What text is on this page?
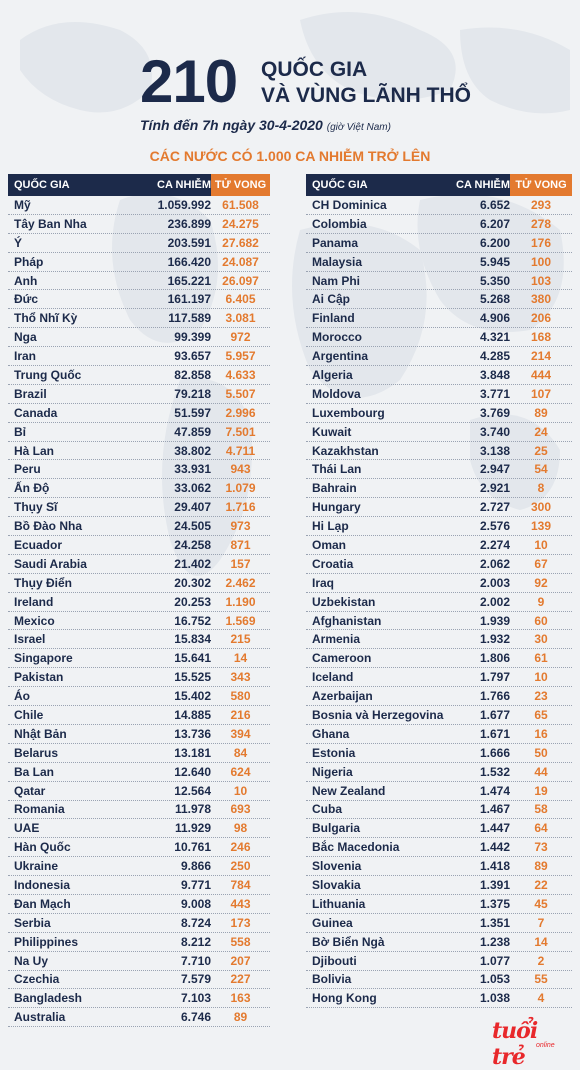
210 QUỐC GIA
VÀ VÙNG LÃNH THỔ
Tính đến 7h ngày 30-4-2020 (giờ Việt Nam)
CÁC NƯỚC CÓ 1.000 CA NHIỄM TRỞ LÊN
QUỐC GIA	CA NHIỄM TỬ VONG
Mỹ	1.059.992 61.508
Tây Ban Nha	236.899 24.275
Ý	203.591 27.682
Pháp	166.420 24.087
Anh	165.221 26.097
Đức	161.197	6.405
Thổ Nhĩ Kỳ	117.589	3.081
Nga	99.399	972
Iran	93.657	5.957
Trung Quốc	82.858	4.633
Brazil	79.218	5.507
Canada	51.597	2.996
Bỉ	47.859	7.501
Hà Lan	38.802	4.711
Peru	33.931	943
Ấn Độ	33.062	1.079
Thụy Sĩ	29.407	1.716
Bồ Đào Nha	24.505	973
Ecuador	24.258	871
Saudi Arabia	21.402	157
Thụy Điển	20.302	2.462
Ireland	20.253	1.190
Mexico	16.752	1.569
Israel	15.834	215
Singapore	15.641	14
Pakistan	15.525	343
Áo	15.402	580
Chile	14.885	216
Nhật Bản	13.736	394
Belarus	13.181	84
Ba Lan	12.640	624
Qatar	12.564	10
Romania	11.978	693
UAE	11.929	98
Hàn Quốc	10.761	246
Ukraine	9.866	250
Indonesia	9.771	784
Đan Mạch	9.008	443
Serbia	8.724	173
Philippines	8.212	558
Na Uy	7.710	207
Czechia	7.579	227
Bangladesh	7.103	163
Australia	6.746	89
QUỐC GIA	CA NHIỄM TỬ VONG
CH Dominica	6.652	293
Colombia	6.207	278
Panama	6.200	176
Malaysia	5.945	100
Nam Phi	5.350	103
Ai Cập	5.268	380
Finland	4.906	206
Morocco	4.321	168
Argentina	4.285	214
Algeria	3.848	444
Moldova	3.771	107
Luxembourg	3.769	89
Kuwait	3.740	24
Kazakhstan	3.138	25
Thái Lan	2.947	54
Bahrain	2.921	8
Hungary	2.727	300
Hi Lạp	2.576	139
Oman	2.274	10
Croatia	2.062	67
Iraq	2.003	92
Uzbekistan	2.002	9
Afghanistan	1.939	60
Armenia	1.932	30
Cameroon	1.806	61
Iceland	1.797	10
Azerbaijan	1.766	23
Bosnia và Herzegovina	1.677	65
Ghana	1.671	16
Estonia	1.666	50
Nigeria	1.532	44
New Zealand	1.474	19
Cuba	1.467	58
Bulgaria	1.447	64
Bắc Macedonia	1.442	73
Slovenia	1.418	89
Slovakia	1.391	22
Lithuania	1.375	45
Guinea	1.351	7
Bờ Biển Ngà	1.238	14
Djibouti	1.077	2
Bolivia	1.053	55
Hong Kong	1.038	4
tuổi trẻ	online
